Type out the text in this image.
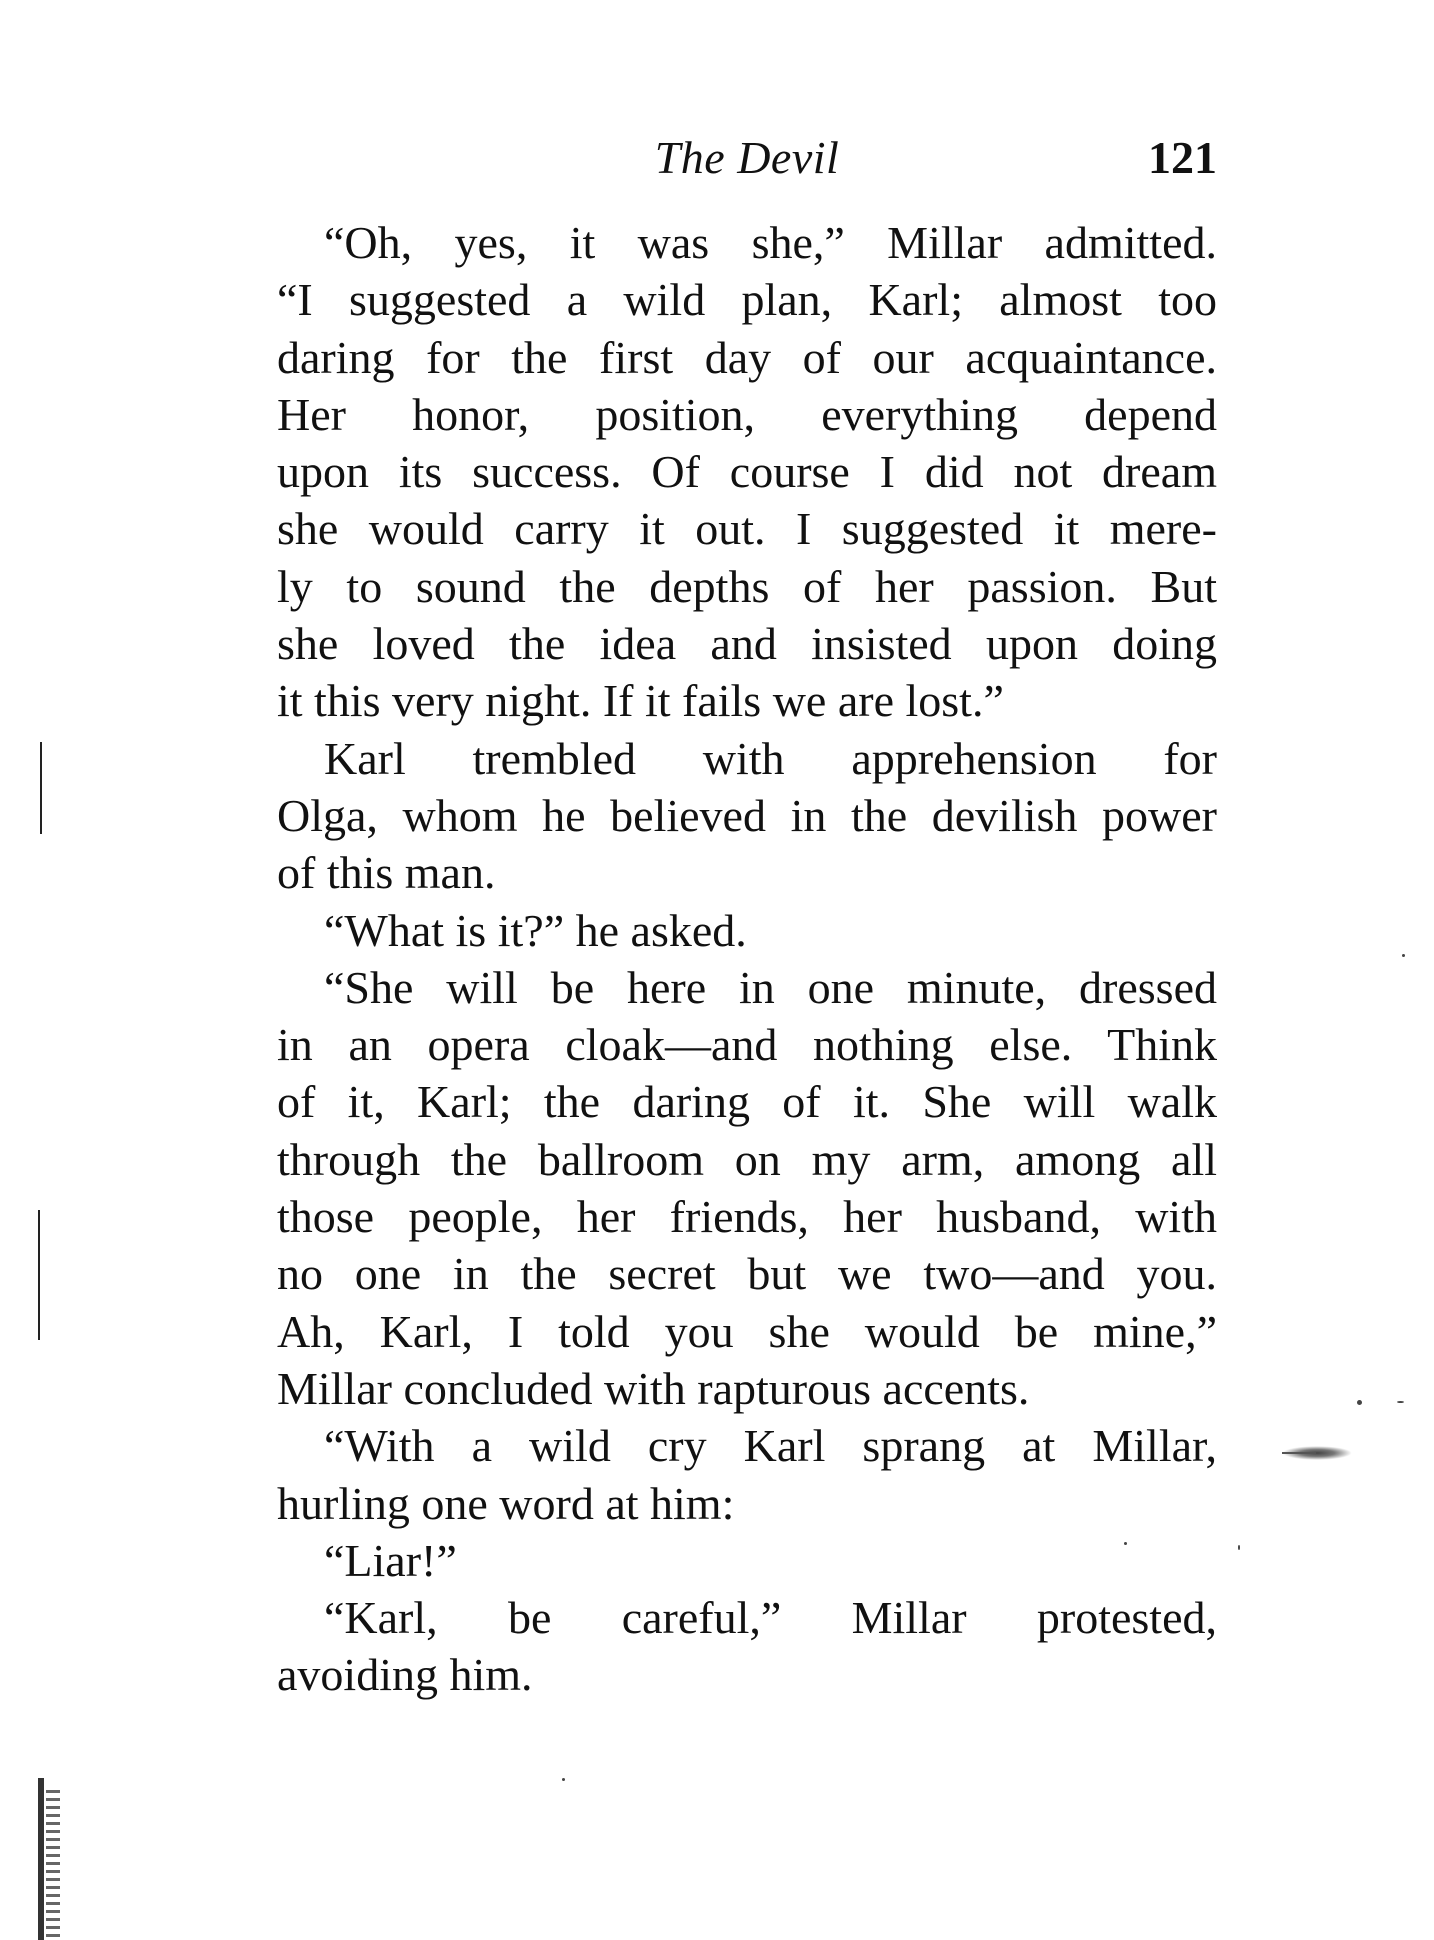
The Devil	121
“Oh, yes, it was she,” Millar admitted.
“I suggested a wild plan, Karl; almost too
daring for the first day of our acquaintance.
Her honor, position, everything depend
upon its success. Of course I did not dream
she would carry it out. I suggested it mere-
ly to sound the depths of her passion. But
she loved the idea and insisted upon doing
it this very night. If it fails we are lost.”
Karl trembled with apprehension for
Olga, whom he believed in the devilish power
of this man.
“What is it?” he asked.
“She will be here in one minute, dressed
in an opera cloak—and nothing else. Think
of it, Karl; the daring of it. She will walk
through the ballroom on my arm, among all
those people, her friends, her husband, with
no one in the secret but we two—and you.
Ah, Karl, I told you she would be mine,”
Millar concluded with rapturous accents.
“With a wild cry Karl sprang at Millar,
hurling one word at him:
“Liar!”
“Karl, be careful,” Millar protested,
avoiding him.
